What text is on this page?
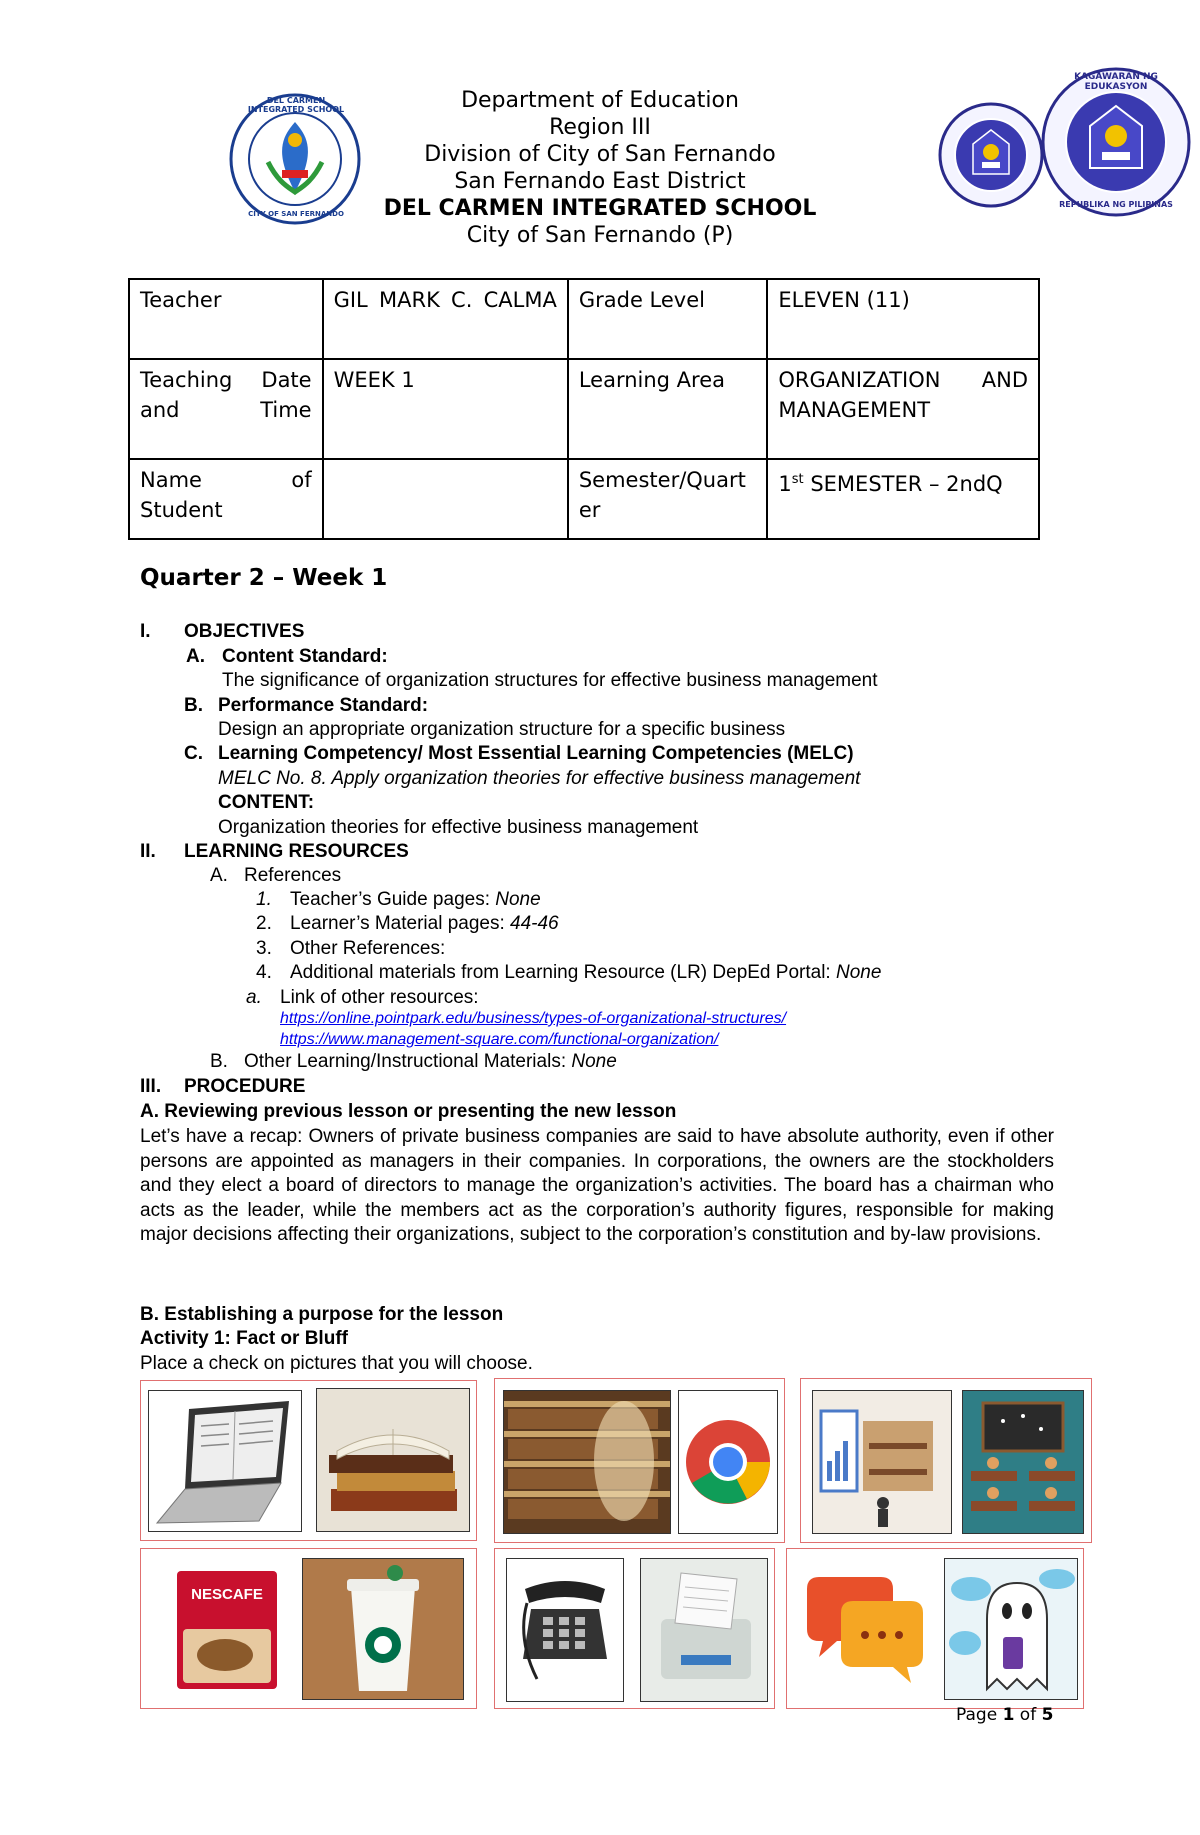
DEL CARMEN INTEGRATED SCHOOL
CITY OF SAN FERNANDO
KAGAWARAN NG EDUKASYON
REPUBLIKA NG PILIPINAS
Department of Education
Region III
Division of City of San Fernando
San Fernando East District
DEL CARMEN INTEGRATED SCHOOL
City of San Fernando (P)
Teacher	GIL MARK C. CALMA	Grade Level	ELEVEN (11)
Teaching Date and Time	WEEK 1	Learning Area	ORGANIZATION AND MANAGEMENT
Name of Student		Semester/Quarter	1st SEMESTER – 2ndQ
Quarter 2 – Week 1
I. OBJECTIVES
A. Content Standard:
The significance of organization structures for effective business management
B. Performance Standard:
Design an appropriate organization structure for a specific business
C. Learning Competency/ Most Essential Learning Competencies (MELC)
MELC No. 8. Apply organization theories for effective business management
CONTENT:
Organization theories for effective business management
II. LEARNING RESOURCES
A. References
1. Teacher’s Guide pages: None
2. Learner’s Material pages: 44-46
3. Other References:
4. Additional materials from Learning Resource (LR) DepEd Portal: None
a. Link of other resources:
https://online.pointpark.edu/business/types-of-organizational-structures/
https://www.management-square.com/functional-organization/
B. Other Learning/Instructional Materials: None
III. PROCEDURE
A. Reviewing previous lesson or presenting the new lesson
Let’s have a recap: Owners of private business companies are said to have absolute authority, even if other persons are appointed as managers in their companies. In corporations, the owners are the stockholders and they elect a board of directors to manage the organization’s activities. The board has a chairman who acts as the leader, while the members act as the corporation’s authority figures, responsible for making major decisions affecting their organizations, subject to the corporation’s constitution and by-law provisions.
B. Establishing a purpose for the lesson
Activity 1: Fact or Bluff
Place a check on pictures that you will choose.
NESCAFE
Page 1 of 5
